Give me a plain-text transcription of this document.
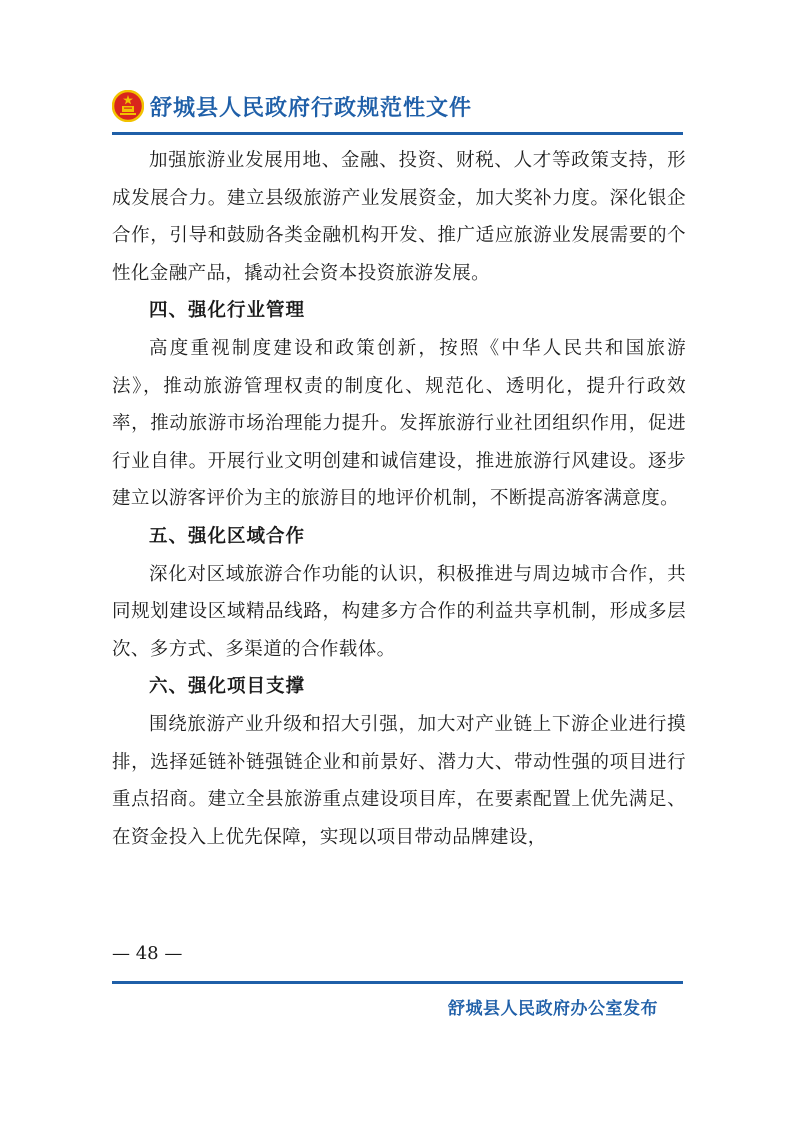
舒城县人民政府行政规范性文件

加强旅游业发展用地、金融、投资、财税、人才等政策支持，形成发展合力。建立县级旅游产业发展资金，加大奖补力度。深化银企合作，引导和鼓励各类金融机构开发、推广适应旅游业发展需要的个性化金融产品，撬动社会资本投资旅游发展。

四、强化行业管理

高度重视制度建设和政策创新，按照《中华人民共和国旅游法》，推动旅游管理权责的制度化、规范化、透明化，提升行政效率，推动旅游市场治理能力提升。发挥旅游行业社团组织作用，促进行业自律。开展行业文明创建和诚信建设，推进旅游行风建设。逐步建立以游客评价为主的旅游目的地评价机制，不断提高游客满意度。

五、强化区域合作

深化对区域旅游合作功能的认识，积极推进与周边城市合作，共同规划建设区域精品线路，构建多方合作的利益共享机制，形成多层次、多方式、多渠道的合作载体。

六、强化项目支撑

围绕旅游产业升级和招大引强，加大对产业链上下游企业进行摸排，选择延链补链强链企业和前景好、潜力大、带动性强的项目进行重点招商。建立全县旅游重点建设项目库，在要素配置上优先满足、在资金投入上优先保障，实现以项目带动品牌建设，

— 48 —
舒城县人民政府办公室发布
